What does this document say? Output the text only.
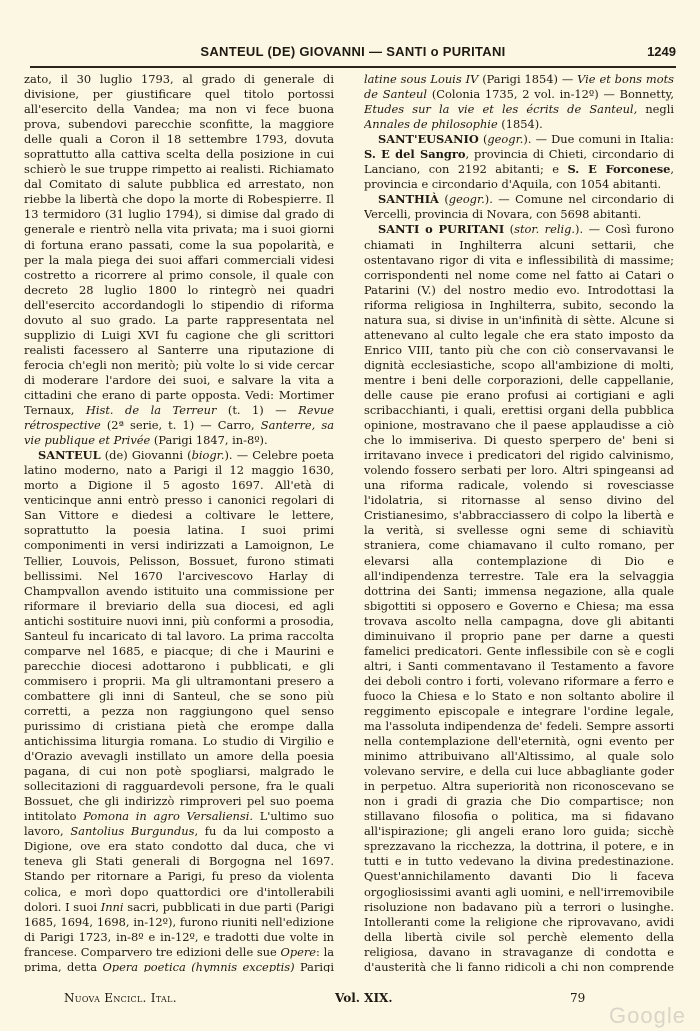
SANTEUL (DE) GIOVANNI — SANTI o PURITANI	1249

zato, il 30 luglio 1793, al grado di generale di divisione, per giustificare quel titolo portossi all'esercito della Vandea; ma non vi fece buona prova, subendovi parecchie sconfitte, la maggiore delle quali a Coron il 18 settembre 1793, dovuta soprattutto alla cattiva scelta della posizione in cui schierò le sue truppe rimpetto ai realisti. Richiamato dal Comitato di salute pubblica ed arrestato, non riebbe la libertà che dopo la morte di Robespierre. Il 13 termidoro (31 luglio 1794), si dimise dal grado di generale e rientrò nella vita privata; ma i suoi giorni di fortuna erano passati, come la sua popolarità, e per la mala piega dei suoi affari commerciali videsi costretto a ricorrere al primo console, il quale con decreto 28 luglio 1800 lo rintegrò nei quadri dell'esercito accordandogli lo stipendio di riforma dovuto al suo grado. La parte rappresentata nel supplizio di Luigi XVI fu cagione che gli scrittori realisti facessero al Santerre una riputazione di ferocia ch'egli non meritò; più volte lo si vide cercar di moderare l'ardore dei suoi, e salvare la vita a cittadini che erano di parte opposta. Vedi: Mortimer Ternaux, Hist. de la Terreur (t. 1) — Revue rétrospective (2ª serie, t. 1) — Carro, Santerre, sa vie publique et Privée (Parigi 1847, in-8º).

SANTEUL (de) Giovanni (biogr.). — Celebre poeta latino moderno, nato a Parigi il 12 maggio 1630, morto a Digione il 5 agosto 1697. All'età di venticinque anni entrò presso i canonici regolari di San Vittore e diedesi a coltivare le lettere, soprattutto la poesia latina. I suoi primi componimenti in versi indirizzati a Lamoignon, Le Tellier, Louvois, Pelisson, Bossuet, furono stimati bellissimi. Nel 1670 l'arcivescovo Harlay di Champvallon avendo istituito una commissione per riformare il breviario della sua diocesi, ed agli antichi sostituire nuovi inni, più conformi a prosodia, Santeul fu incaricato di tal lavoro. La prima raccolta comparve nel 1685, e piacque; di che i Maurini e parecchie diocesi adottarono i pubblicati, e gli commisero i proprii. Ma gli ultramontani presero a combattere gli inni di Santeul, che se sono più corretti, a pezza non raggiungono quel senso purissimo di cristiana pietà che erompe dalla antichissima liturgia romana. Lo studio di Virgilio e d'Orazio avevagli instillato un amore della poesia pagana, di cui non potè spogliarsi, malgrado le sollecitazioni di ragguardevoli persone, fra le quali Bossuet, che gli indirizzò rimproveri pel suo poema intitolato Pomona in agro Versaliensi. L'ultimo suo lavoro, Santolius Burgundus, fu da lui composto a Digione, ove era stato condotto dal duca, che vi teneva gli Stati generali di Borgogna nel 1697. Stando per ritornare a Parigi, fu preso da violenta colica, e morì dopo quattordici ore d'intollerabili dolori. I suoi Inni sacri, pubblicati in due parti (Parigi 1685, 1694, 1698, in-12º), furono riuniti nell'edizione di Parigi 1723, in-8º e in-12º, e tradotti due volte in francese. Comparvero tre edizioni delle sue Opere: la prima, detta Opera poetica (hymnis exceptis) Parigi

latine sous Louis IV (Parigi 1854) — Vie et bons mots de Santeul (Colonia 1735, 2 vol. in-12º) — Bonnetty, Etudes sur la vie et les écrits de Santeul, negli Annales de philosophie (1854).

SANT'EUSANIO (geogr.). — Due comuni in Italia: S. E del Sangro, provincia di Chieti, circondario di Lanciano, con 2192 abitanti; e S. E Forconese, provincia e circondario d'Aquila, con 1054 abitanti.

SANTHIÀ (geogr.). — Comune nel circondario di Vercelli, provincia di Novara, con 5698 abitanti.

SANTI o PURITANI (stor. relig.). — Così furono chiamati in Inghilterra alcuni settarii, che ostentavano rigor di vita e inflessibilità di massime; corrispondenti nel nome come nel fatto ai Catari o Patarini (V.) del nostro medio evo. Introdottasi la riforma religiosa in Inghilterra, subito, secondo la natura sua, si divise in un'infinità di sètte. Alcune si attenevano al culto legale che era stato imposto da Enrico VIII, tanto più che con ciò conservavansi le dignità ecclesiastiche, scopo all'ambizione di molti, mentre i beni delle corporazioni, delle cappellanie, delle cause pie erano profusi ai cortigiani e agli scribacchianti, i quali, erettisi organi della pubblica opinione, mostravano che il paese applaudisse a ciò che lo immiseriva. Di questo sperpero de' beni si irritavano invece i predicatori del rigido calvinismo, volendo fossero serbati per loro. Altri spingeansi ad una riforma radicale, volendo si rovesciasse l'idolatria, si ritornasse al senso divino del Cristianesimo, s'abbracciassero di colpo la libertà e la verità, si svellesse ogni seme di schiavitù straniera, come chiamavano il culto romano, per elevarsi alla contemplazione di Dio e all'indipendenza terrestre. Tale era la selvaggia dottrina dei Santi; immensa negazione, alla quale sbigottiti si opposero e Governo e Chiesa; ma essa trovava ascolto nella campagna, dove gli abitanti diminuivano il proprio pane per darne a questi famelici predicatori. Gente inflessibile con sè e cogli altri, i Santi commentavano il Testamento a favore dei deboli contro i forti, volevano riformare a ferro e fuoco la Chiesa e lo Stato e non soltanto abolire il reggimento episcopale e integrare l'ordine legale, ma l'assoluta indipendenza de' fedeli. Sempre assorti nella contemplazione dell'eternità, ogni evento per minimo attribuivano all'Altissimo, al quale solo volevano servire, e della cui luce abbagliante goder in perpetuo. Altra superiorità non riconoscevano se non i gradi di grazia che Dio compartisce; non stillavano filosofia o politica, ma si fidavano all'ispirazione; gli angeli erano loro guida; sicchè sprezzavano la ricchezza, la dottrina, il potere, e in tutti e in tutto vedevano la divina predestinazione. Quest'annichilamento davanti Dio li faceva orgogliosissimi avanti agli uomini, e nell'irremovibile risoluzione non badavano più a terrori o lusinghe. Intolleranti come la religione che riprovavano, avidi della libertà civile sol perchè elemento della religiosa, davano in stravaganze di condotta e d'austerità che li fanno ridicoli a chi non comprende

Nuova Encicl. Ital.	Vol. XIX.	79
Google
